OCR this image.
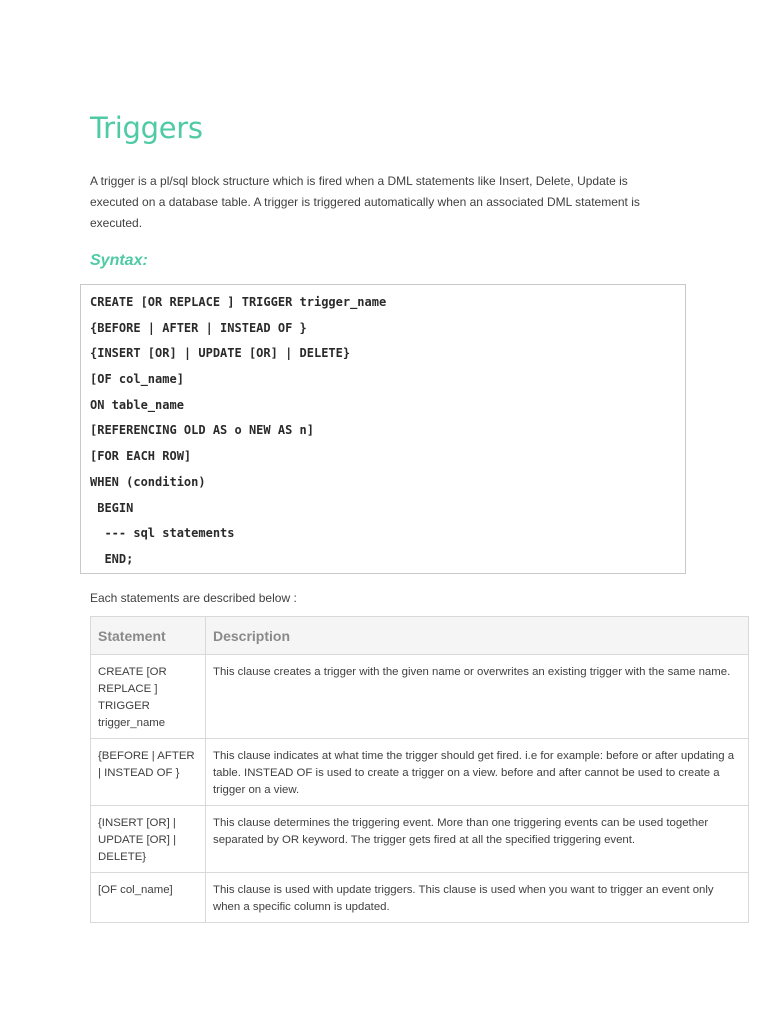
Triggers

A trigger is a pl/sql block structure which is fired when a DML statements like Insert, Delete, Update is executed on a database table. A trigger is triggered automatically when an associated DML statement is executed.

Syntax:
CREATE [OR REPLACE ] TRIGGER trigger_name
{BEFORE | AFTER | INSTEAD OF }
{INSERT [OR] | UPDATE [OR] | DELETE}
[OF col_name]
ON table_name
[REFERENCING OLD AS o NEW AS n]
[FOR EACH ROW]
WHEN (condition)
BEGIN
--- sql statements
END;

Each statements are described below :

Statement	Description
CREATE [OR REPLACE ] TRIGGER trigger_name	This clause creates a trigger with the given name or overwrites an existing trigger with the same name.
{BEFORE | AFTER | INSTEAD OF }	This clause indicates at what time the trigger should get fired. i.e for example: before or after updating a table. INSTEAD OF is used to create a trigger on a view. before and after cannot be used to create a trigger on a view.
{INSERT [OR] | UPDATE [OR] | DELETE}	This clause determines the triggering event. More than one triggering events can be used together separated by OR keyword. The trigger gets fired at all the specified triggering event.
[OF col_name]	This clause is used with update triggers. This clause is used when you want to trigger an event only when a specific column is updated.
